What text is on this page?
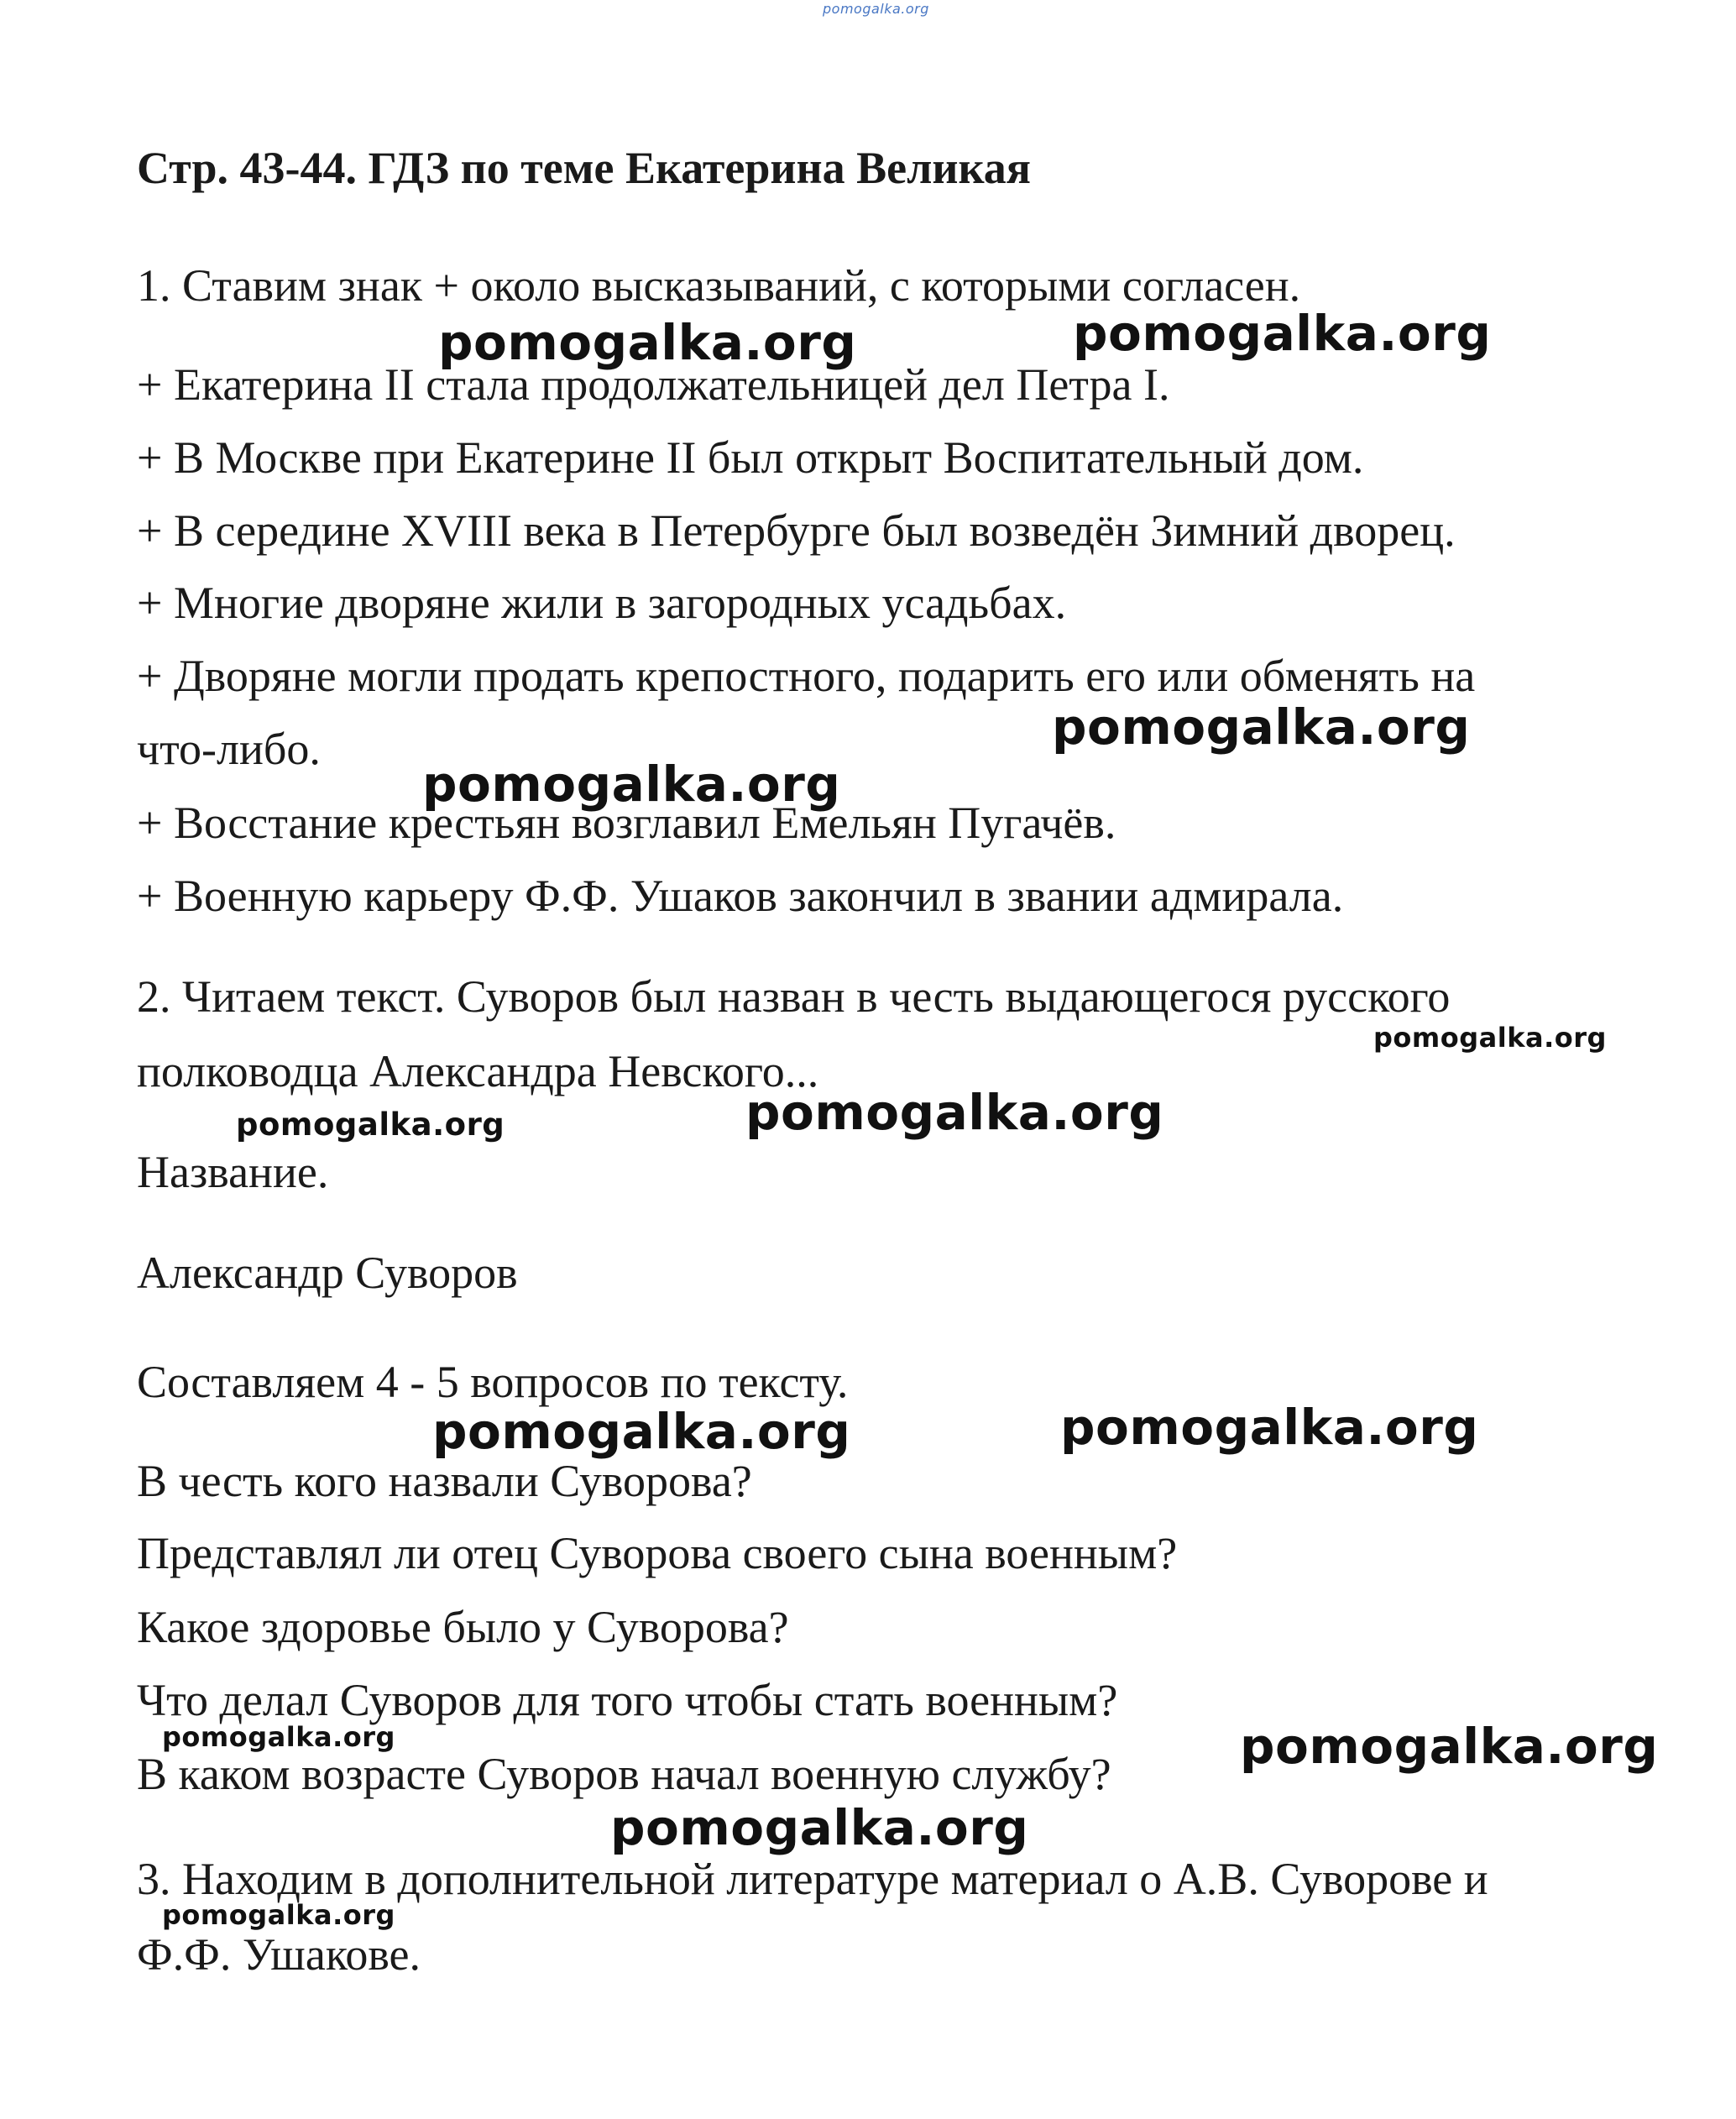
pomogalka.org
Стр. 43-44. ГДЗ по теме Екатерина Великая
1. Ставим знак + около высказываний, с которыми согласен.
+ Екатерина II стала продолжательницей дел Петра I.
+ В Москве при Екатерине II был открыт Воспитательный дом.
+ В середине XVIII века в Петербурге был возведён Зимний дворец.
+ Многие дворяне жили в загородных усадьбах.
+ Дворяне могли продать крепостного, подарить его или обменять на
что-либо.
+ Восстание крестьян возглавил Емельян Пугачёв.
+ Военную карьеру Ф.Ф. Ушаков закончил в звании адмирала.
2. Читаем текст. Суворов был назван в честь выдающегося русского
полководца Александра Невского...
Название.
Александр Суворов
Составляем 4 - 5 вопросов по тексту.
В честь кого назвали Суворова?
Представлял ли отец Суворова своего сына военным?
Какое здоровье было у Суворова?
Что делал Суворов для того чтобы стать военным?
В каком возрасте Суворов начал военную службу?
3. Находим в дополнительной литературе материал о А.В. Суворове и
Ф.Ф. Ушакове.
pomogalka.org	pomogalka.org
pomogalka.org
pomogalka.org
pomogalka.org
pomogalka.org
pomogalka.org
pomogalka.org	pomogalka.org
pomogalka.org	pomogalka.org
pomogalka.org
pomogalka.org
